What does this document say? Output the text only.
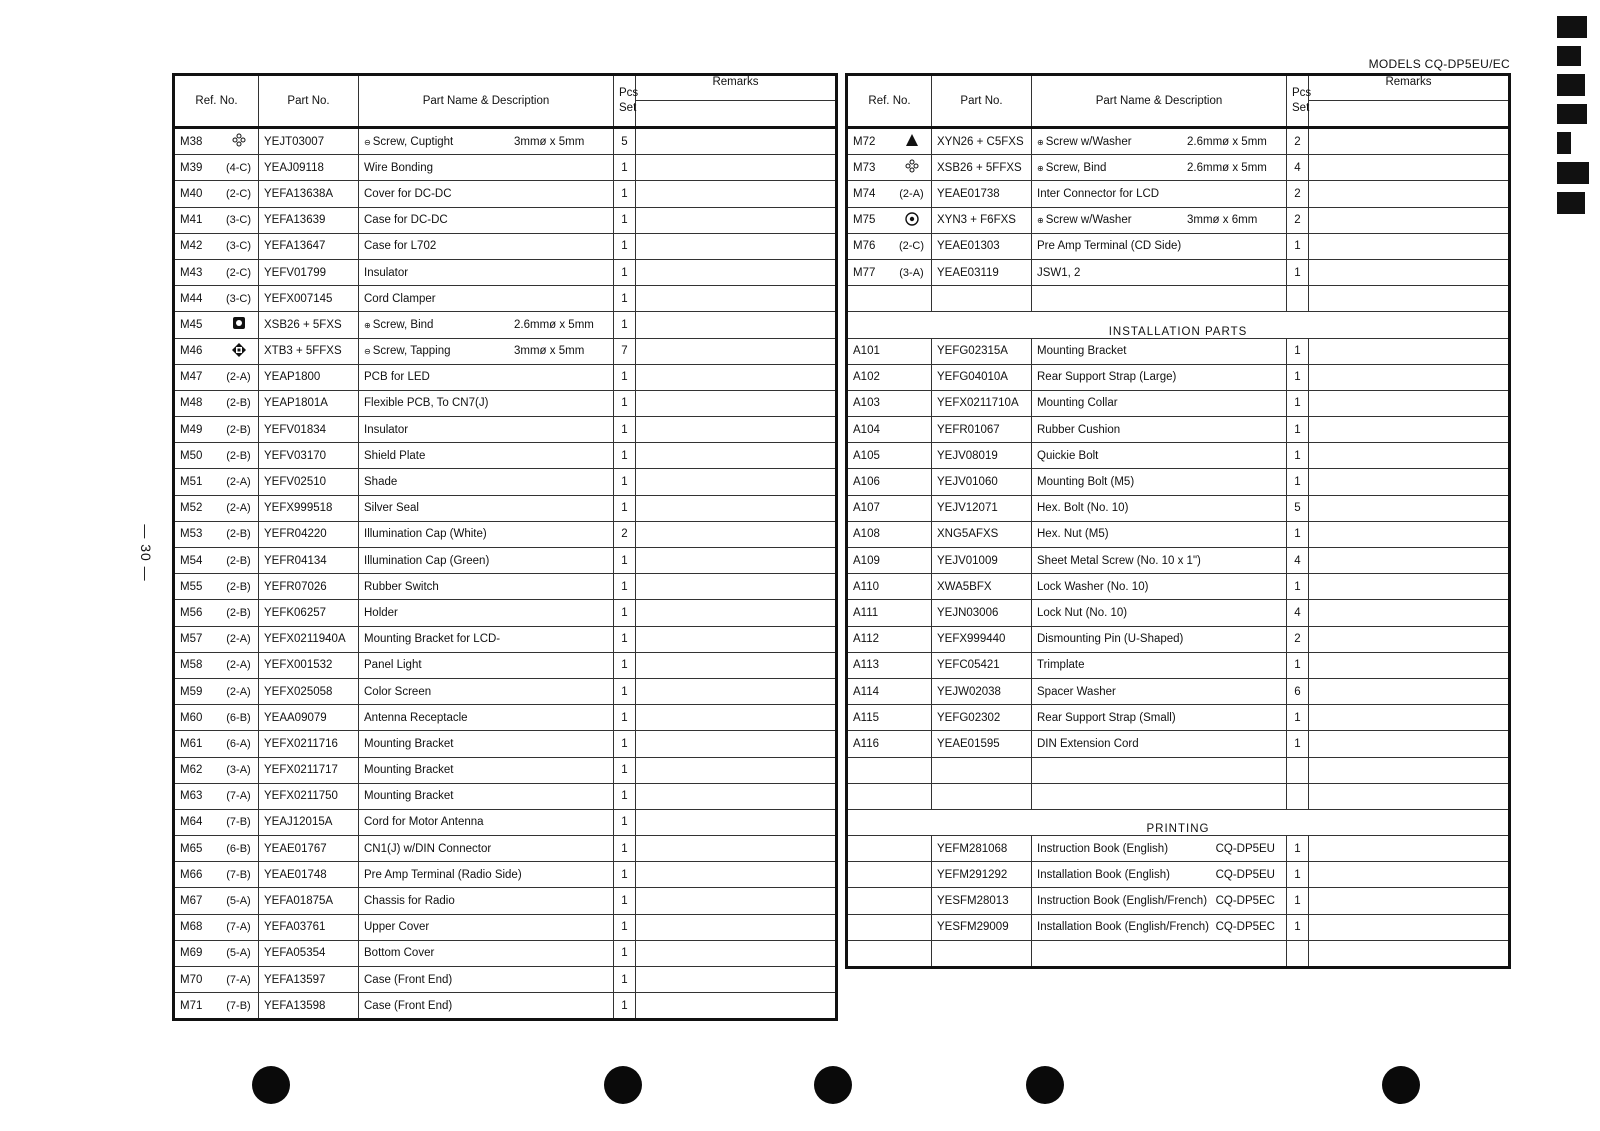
MODELS CQ-DP5EU/EC
— 30 —
Ref. No.	Part No.	Part Name & Description	Pcs
Set	Remarks

M38	YEJT03007	⊖ Screw, Cuptight 3mmø x 5mm	5	

M39 (4-C)	YEAJ09118	Wire Bonding	1	

M40 (2-C)	YEFA13638A	Cover for DC-DC	1	

M41 (3-C)	YEFA13639	Case for DC-DC	1	

M42 (3-C)	YEFA13647	Case for L702	1	

M43 (2-C)	YEFV01799	Insulator	1	

M44 (3-C)	YEFX007145	Cord Clamper	1	

M45	XSB26 + 5FXS	⊕ Screw, Bind 2.6mmø x 5mm	1	

M46	XTB3 + 5FFXS	⊖ Screw, Tapping 3mmø x 5mm	7	

M47 (2-A)	YEAP1800	PCB for LED	1	

M48 (2-B)	YEAP1801A	Flexible PCB, To CN7(J)	1	

M49 (2-B)	YEFV01834	Insulator	1	

M50 (2-B)	YEFV03170	Shield Plate	1	

M51 (2-A)	YEFV02510	Shade	1	

M52 (2-A)	YEFX999518	Silver Seal	1	

M53 (2-B)	YEFR04220	Illumination Cap (White)	2	

M54 (2-B)	YEFR04134	Illumination Cap (Green)	1	

M55 (2-B)	YEFR07026	Rubber Switch	1	

M56 (2-B)	YEFK06257	Holder	1	

M57 (2-A)	YEFX0211940A	Mounting Bracket for LCD-	1	

M58 (2-A)	YEFX001532	Panel Light	1	

M59 (2-A)	YEFX025058	Color Screen	1	

M60 (6-B)	YEAA09079	Antenna Receptacle	1	

M61 (6-A)	YEFX0211716	Mounting Bracket	1	

M62 (3-A)	YEFX0211717	Mounting Bracket	1	

M63 (7-A)	YEFX0211750	Mounting Bracket	1	

M64 (7-B)	YEAJ12015A	Cord for Motor Antenna	1	

M65 (6-B)	YEAE01767	CN1(J) w/DIN Connector	1	

M66 (7-B)	YEAE01748	Pre Amp Terminal (Radio Side)	1	

M67 (5-A)	YEFA01875A	Chassis for Radio	1	

M68 (7-A)	YEFA03761	Upper Cover	1	

M69 (5-A)	YEFA05354	Bottom Cover	1	

M70 (7-A)	YEFA13597	Case (Front End)	1	

M71 (7-B)	YEFA13598	Case (Front End)	1	
Ref. No.	Part No.	Part Name & Description	Pcs
Set	Remarks

M72	XYN26 + C5FXS	⊕ Screw w/Washer 2.6mmø x 5mm	2	

M73	XSB26 + 5FFXS	⊕ Screw, Bind 2.6mmø x 5mm	4	

M74 (2-A)	YEAE01738	Inter Connector for LCD	2	

M75	XYN3 + F6FXS	⊕ Screw w/Washer 3mmø x 6mm	2	

M76 (2-C)	YEAE01303	Pre Amp Terminal (CD Side)	1	

M77 (3-A)	YEAE03119	JSW1, 2	1	

INSTALLATION PARTS				

A101	YEFG02315A	Mounting Bracket	1	

A102	YEFG04010A	Rear Support Strap (Large)	1	

A103	YEFX0211710A	Mounting Collar	1	

A104	YEFR01067	Rubber Cushion	1	

A105	YEJV08019	Quickie Bolt	1	

A106	YEJV01060	Mounting Bolt (M5)	1	

A107	YEJV12071	Hex. Bolt (No. 10)	5	

A108	XNG5AFXS	Hex. Nut (M5)	1	

A109	YEJV01009	Sheet Metal Screw (No. 10 x 1")	4	

A110	XWA5BFX	Lock Washer (No. 10)	1	

A111	YEJN03006	Lock Nut (No. 10)	4	

A112	YEFX999440	Dismounting Pin (U-Shaped)	2	

A113	YEFC05421	Trimplate	1	

A114	YEJW02038	Spacer Washer	6	

A115	YEFG02302	Rear Support Strap (Small)	1	

A116	YEAE01595	DIN Extension Cord	1	

PRINTING				

	YEFM281068	Instruction Book (English) CQ-DP5EU	1	

	YEFM291292	Installation Book (English) CQ-DP5EU	1	

	YESFM28013	Instruction Book (English/French) CQ-DP5EC	1	

	YESFM29009	Installation Book (English/French) CQ-DP5EC	1	
